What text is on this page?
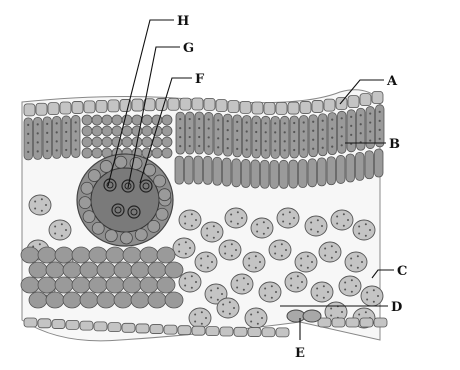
A
B
C
D
E
F
G
H
